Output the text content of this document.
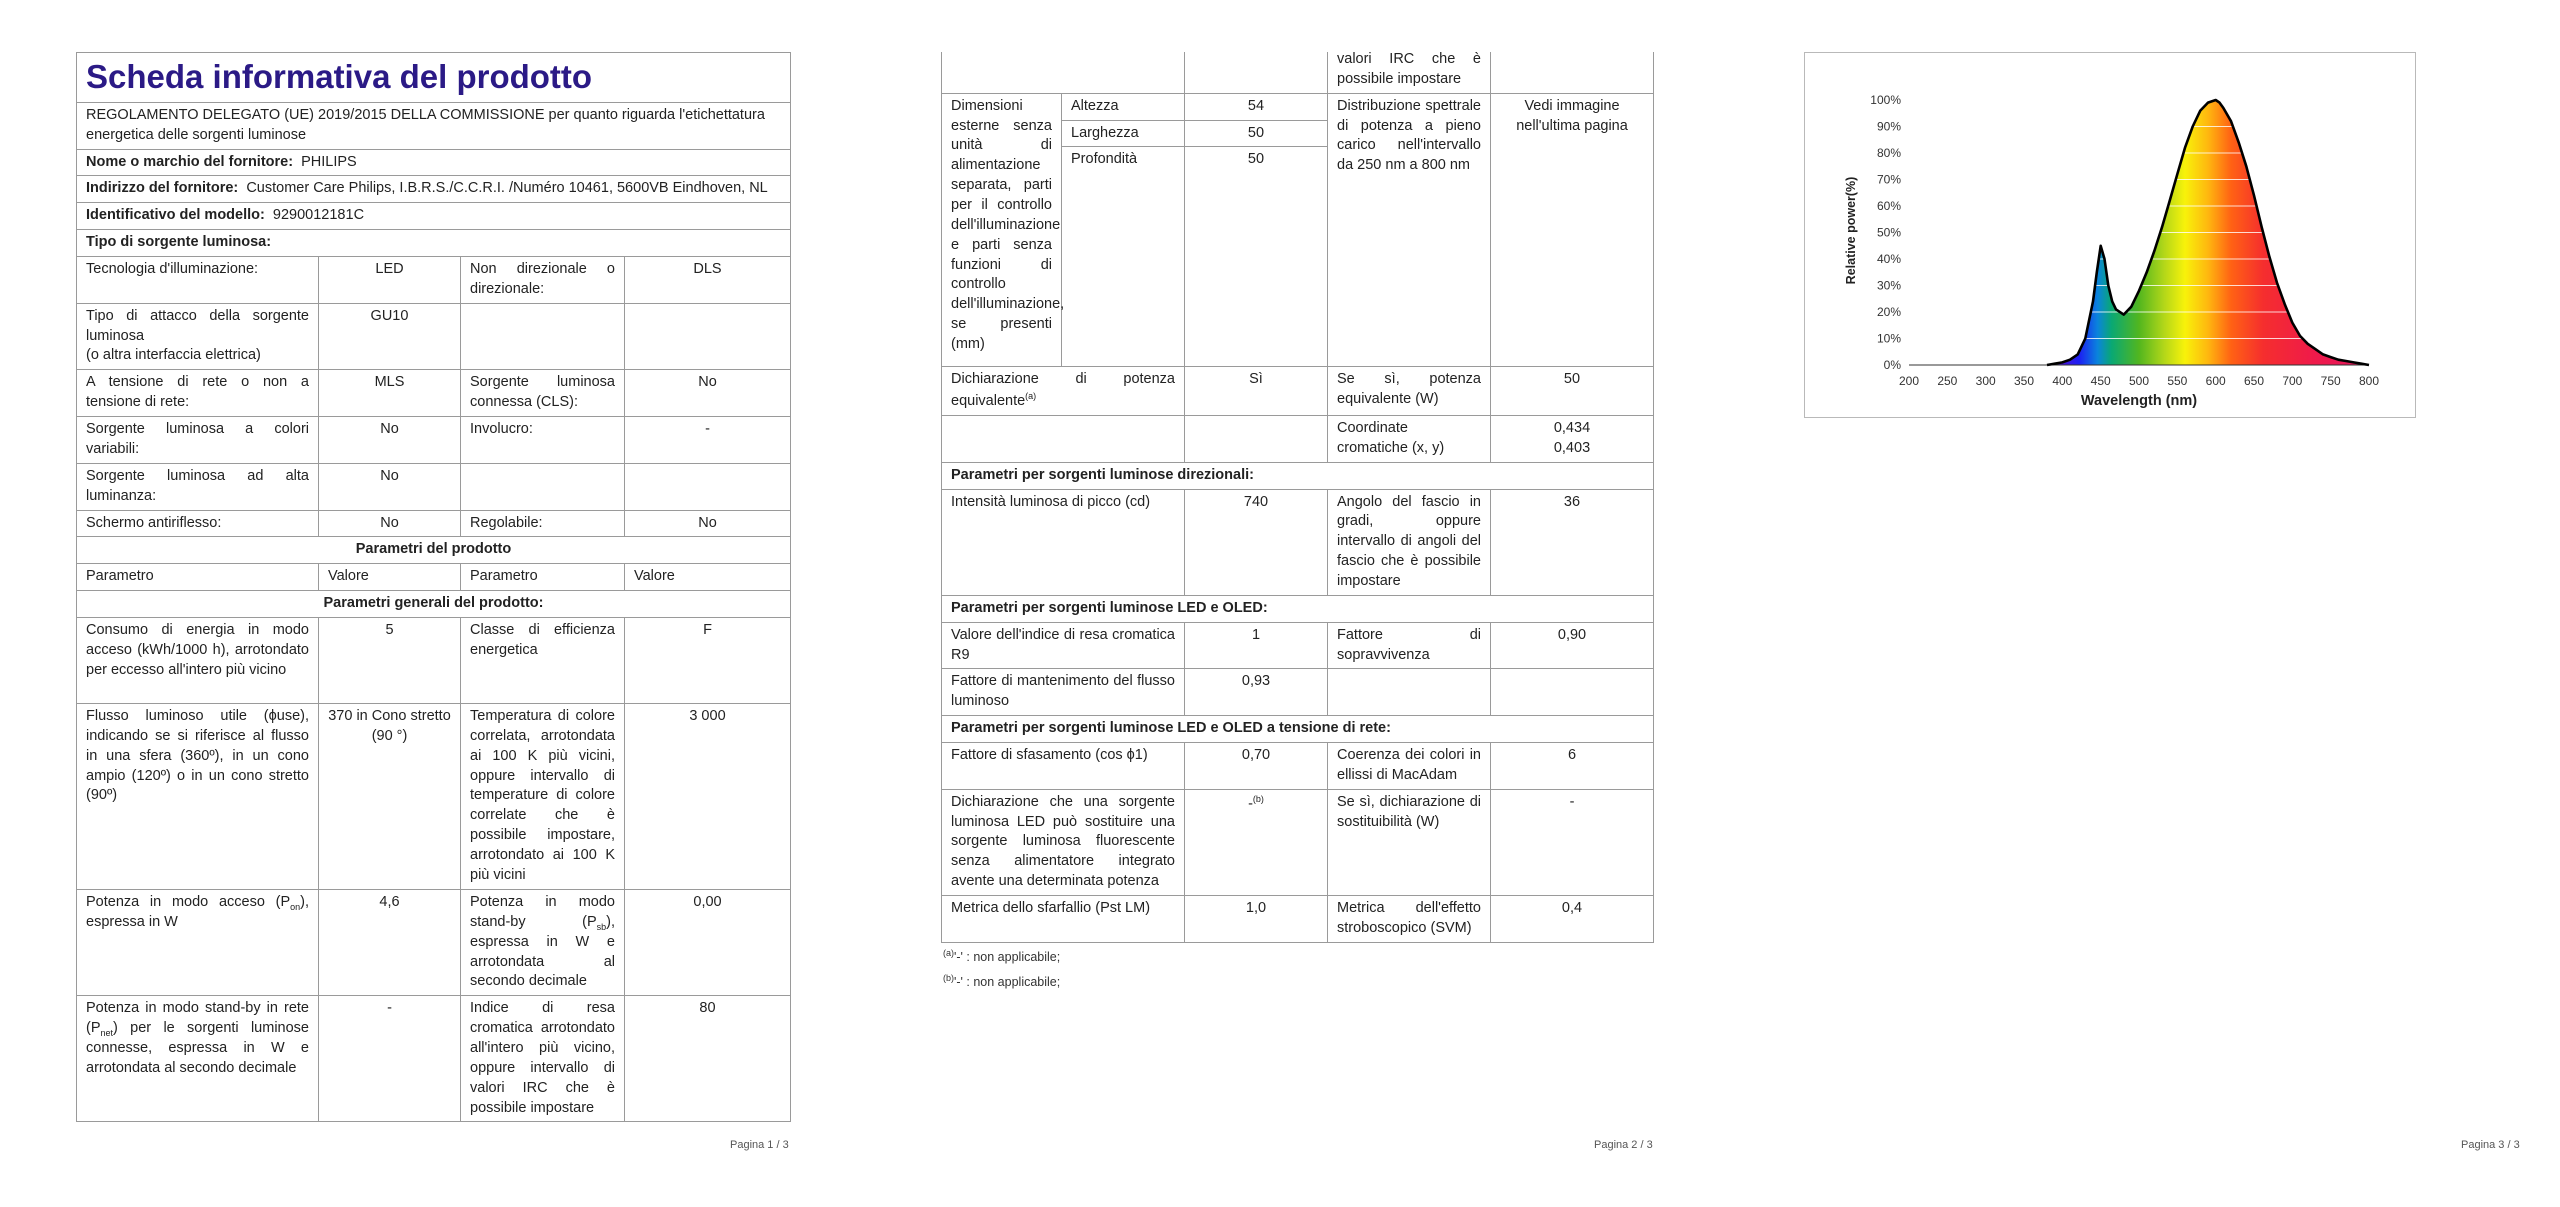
Scheda informativa del prodotto			
REGOLAMENTO DELEGATO (UE) 2019/2015 DELLA COMMISSIONE per quanto riguarda l'etichettatura energetica delle sorgenti luminose			
Nome o marchio del fornitore: PHILIPS			
Indirizzo del fornitore: Customer Care Philips, I.B.R.S./C.C.R.I. /Numéro 10461, 5600VB Eindhoven, NL			
Identificativo del modello: 9290012181C			
Tipo di sorgente luminosa:			
Tecnologia d'illuminazione:	LED	Non direzionale o direzionale:	DLS

Tipo di attacco della sorgente luminosa
(o altra interfaccia elettrica)	GU10		
A tensione di rete o non a tensione di rete:	MLS	Sorgente luminosa connessa (CLS):	No
Sorgente luminosa a colori variabili:	No	Involucro:	-
Sorgente luminosa ad alta luminanza:	No		
Schermo antiriflesso:	No	Regolabile:	No
Parametri del prodotto			
Parametro	Valore	Parametro	Valore
Parametri generali del prodotto:			
Consumo di energia in modo acceso (kWh/1000 h), arrotondato per eccesso all'intero più vicino	5	Classe di efficienza energetica	F
Flusso luminoso utile (ϕuse), indicando se si riferisce al flusso in una sfera (360º), in un cono ampio (120º) o in un cono stretto (90º)	370 in Cono stretto (90 °)	Temperatura di colore correlata, arrotondata ai 100 K più vicini, oppure intervallo di temperature di colore correlate che è possibile impostare, arrotondato ai 100 K più vicini	3 000
Potenza in modo acceso $(P_{on})$, espressa in W	4,6	Potenza in modo stand-by $(P_{sb})$, espressa in W e arrotondata al secondo decimale	0,00
Potenza in modo stand-by in rete $(P_{net})$ per le sorgenti luminose connesse, espressa in W e arrotondata al secondo decimale	-	Indice di resa cromatica arrotondato all'intero più vicino, oppure intervallo di valori IRC che è possibile impostare	80
Pagina 1 / 3
			valori IRC che è possibile impostare	
Dimensioni esterne senza unità di alimentazione separata, parti per il controllo dell'illuminazione e parti senza funzioni di controllo dell'illuminazione, se presenti (mm)	Altezza	54	Distribuzione spettrale di potenza a pieno carico nell'intervallo da 250 nm a 800 nm	Vedi immagine nell'ultima pagina
	Larghezza	50		
	Profondità	50		
Dichiarazione di potenza equivalente$^{(a)}$		Sì	Se sì, potenza equivalente (W)	50
			Coordinate cromatiche (x, y)	0,434
0,403

Parametri per sorgenti luminose direzionali:				
Intensità luminosa di picco (cd)		740	Angolo del fascio in gradi, oppure intervallo di angoli del fascio che è possibile impostare	36
Parametri per sorgenti luminose LED e OLED:				
Valore dell'indice di resa cromatica R9		1	Fattore di sopravvivenza	0,90
Fattore di mantenimento del flusso luminoso		0,93		
Parametri per sorgenti luminose LED e OLED a tensione di rete:				
Fattore di sfasamento (cos ϕ1)		0,70	Coerenza dei colori in ellissi di MacAdam	6
Dichiarazione che una sorgente luminosa LED può sostituire una sorgente luminosa fluorescente senza alimentatore integrato avente una determinata potenza		-$^{(b)}$	Se sì, dichiarazione di sostituibilità (W)	-
Metrica dello sfarfallio (Pst LM)		1,0	Metrica dell'effetto stroboscopico (SVM)	0,4
$^{(a)}$'-' : non applicabile;
$^{(b)}$'-' : non applicabile;
Pagina 2 / 3	Pagina 3 / 3
0%
10%
20%
30%
40%
50%
60%
70%
80%
90%
100%
200 250 300 350 400 450 500 550 600 650 700 750 800
Wavelength (nm)
Relative power(%)
